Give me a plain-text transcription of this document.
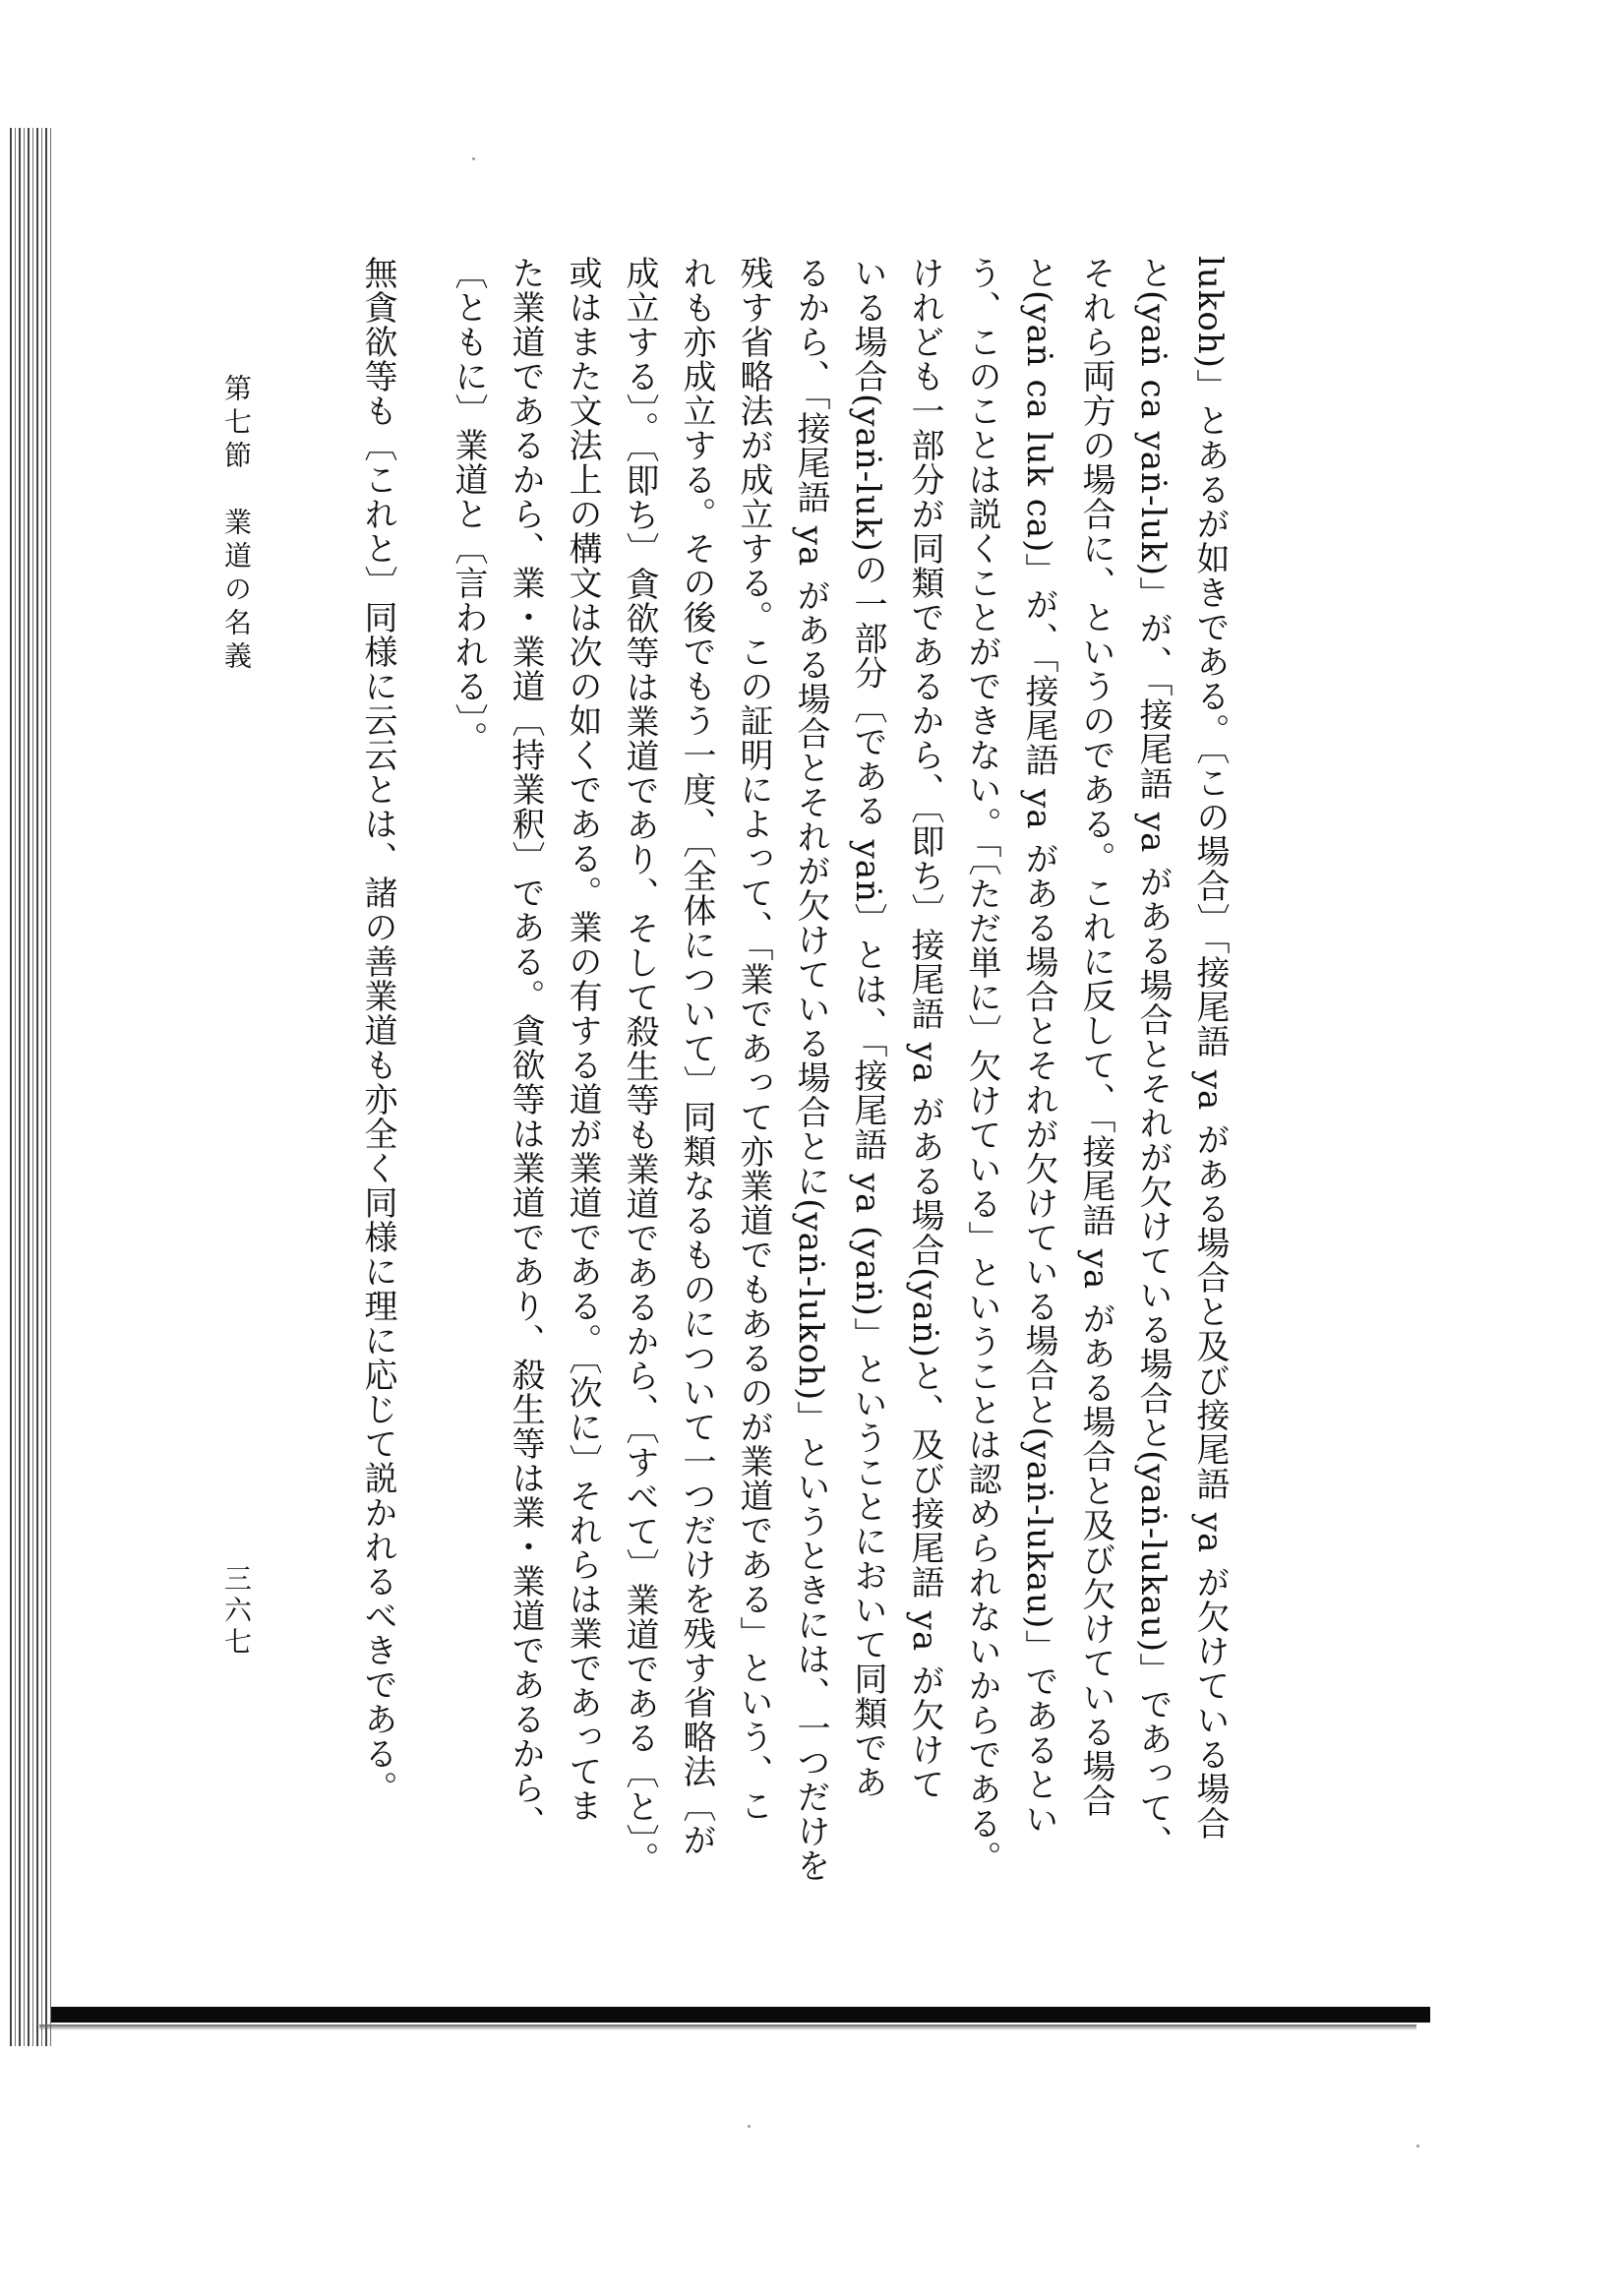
lukoh)」とあるが如きである。〔この場合〕「接尾語 ya がある場合と及び接尾語 ya が欠けている場合

と(yaṅ ca yaṅ-luk)」が、「接尾語 ya がある場合とそれが欠けている場合と(yaṅ-lukau)」であって、

それら両方の場合に、というのである。これに反して、「接尾語 ya がある場合と及び欠けている場合

と(yaṅ ca luk ca)」が、「接尾語 ya がある場合とそれが欠けている場合と(yaṅ-lukau)」であるとい

う、このことは説くことができない。「〔ただ単に〕欠けている」ということは認められないからである。

けれども一部分が同類であるから、〔即ち〕接尾語 ya がある場合(yaṅ)と、及び接尾語 ya が欠けて

いる場合(yaṅ-luk)の一部分〔である yaṅ〕とは、「接尾語 ya (yaṅ)」ということにおいて同類であ

るから、「接尾語 ya がある場合とそれが欠けている場合とに(yaṅ-lukoh)」というときには、一つだけを

残す省略法が成立する。この証明によって、「業であって亦業道でもあるのが業道である」という、こ

れも亦成立する。その後でもう一度、〔全体について〕同類なるものについて一つだけを残す省略法〔が

成立する〕。〔即ち〕貪欲等は業道であり、そして殺生等も業道であるから、〔すべて〕業道である〔と〕。

或はまた文法上の構文は次の如くである。業の有する道が業道である。〔次に〕それらは業であってま

た業道であるから、業・業道〔持業釈〕である。貪欲等は業道であり、殺生等は業・業道であるから、

〔ともに〕業道と〔言われる〕。

無貪欲等も〔これと〕同様に云云とは、諸の善業道も亦全く同様に理に応じて説かれるべきである。

第七節　業道の名義
三六七
